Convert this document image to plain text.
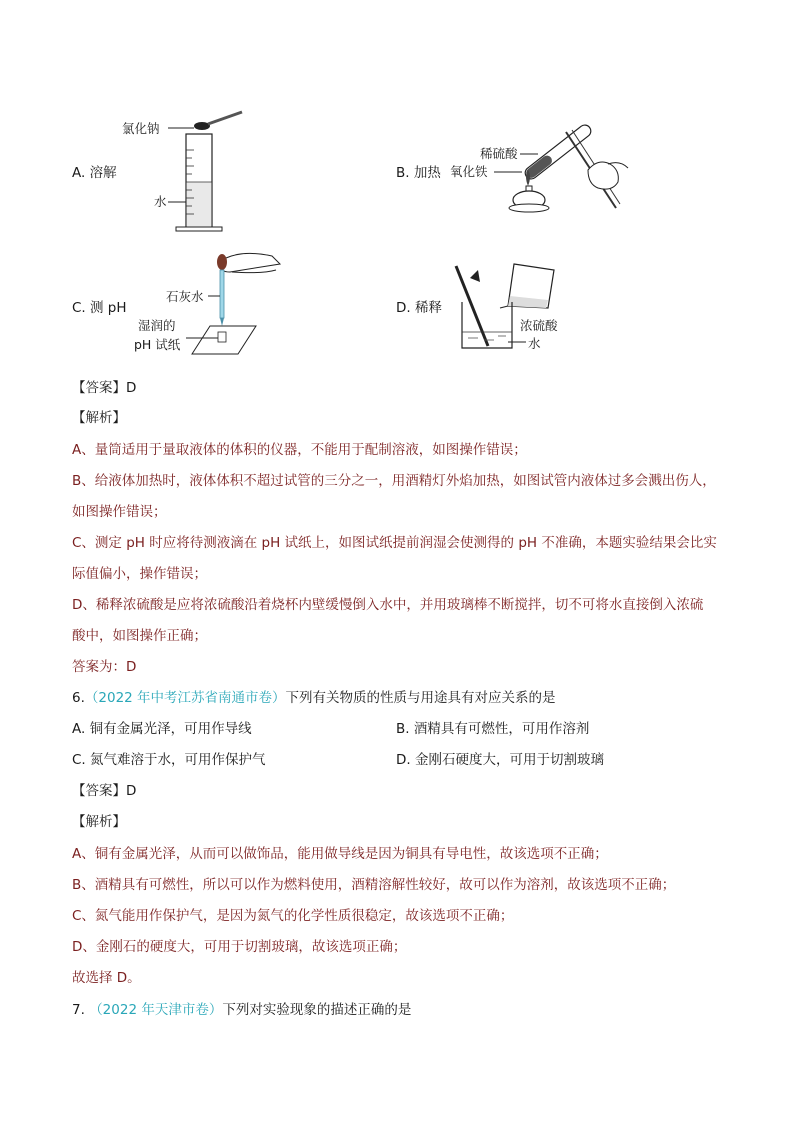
A. 溶解
氯化钠
水
B. 加热
稀硫酸
氧化铁
C. 测 pH
石灰水
湿润的
pH 试纸
D. 稀释
浓硫酸
水
【答案】D
【解析】
A、量筒适用于量取液体的体积的仪器，不能用于配制溶液，如图操作错误；
B、给液体加热时，液体体积不超过试管的三分之一，用酒精灯外焰加热，如图试管内液体过多会溅出伤人，
如图操作错误；
C、测定 pH 时应将待测液滴在 pH 试纸上，如图试纸提前润湿会使测得的 pH 不准确，本题实验结果会比实
际值偏小，操作错误；
D、稀释浓硫酸是应将浓硫酸沿着烧杯内壁缓慢倒入水中，并用玻璃棒不断搅拌，切不可将水直接倒入浓硫
酸中，如图操作正确；
答案为：D
6.（2022 年中考江苏省南通市卷）下列有关物质的性质与用途具有对应关系的是
A. 铜有金属光泽，可用作导线	B. 酒精具有可燃性，可用作溶剂
C. 氮气难溶于水，可用作保护气	D. 金刚石硬度大，可用于切割玻璃
【答案】D
【解析】
A、铜有金属光泽，从而可以做饰品，能用做导线是因为铜具有导电性，故该选项不正确；
B、酒精具有可燃性，所以可以作为燃料使用，酒精溶解性较好，故可以作为溶剂，故该选项不正确；
C、氮气能用作保护气，是因为氮气的化学性质很稳定，故该选项不正确；
D、金刚石的硬度大，可用于切割玻璃，故该选项正确；
故选择 D。
7. （2022 年天津市卷）下列对实验现象的描述正确的是
